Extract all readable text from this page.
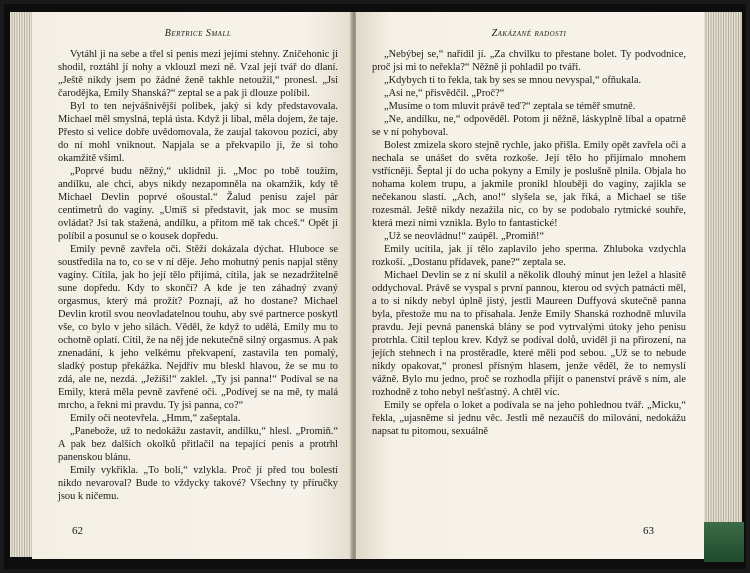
Bertrice Small

Vytáhl ji na sebe a třel si penis mezi jejími stehny. Zničehonic ji shodil, roztáhl jí nohy a vklouzl mezi ně. Vzal její tvář do dlaní. „Ještě nikdy jsem po žádné ženě takhle netoužil,“ pronesl. „Jsi čarodějka, Emily Shanská?“ zeptal se a pak ji dlouze políbil.

Byl to ten nejvášnivější polibek, jaký si kdy představovala. Michael měl smyslná, teplá ústa. Když ji líbal, měla dojem, že taje. Přesto si velice dobře uvědomovala, že zaujal takovou pozici, aby do ní mohl vniknout. Napjala se a překvapilo ji, že si toho okamžitě všiml.

„Poprvé budu něžný,“ uklidnil ji. „Moc po tobě toužím, andílku, ale chci, abys nikdy nezapomněla na okamžik, kdy tě Michael Devlin poprvé ošoustal.“ Žalud penisu zajel pár centimetrů do vagíny. „Umíš si představit, jak moc se musím ovládat? Jsi tak stažená, andílku, a přitom mě tak chceš.“ Opět ji políbil a posunul se o kousek dopředu.

Emily pevně zavřela oči. Stěží dokázala dýchat. Hluboce se soustředila na to, co se v ní děje. Jeho mohutný penis napjal stěny vagíny. Cítila, jak ho její tělo přijímá, cítila, jak se nezadržitelně sune dopředu. Kdy to skončí? A kde je ten záhadný zvaný orgasmus, který má prožít? Poznají, až ho dostane? Michael Devlin krotil svou neovladatelnou touhu, aby své partnerce poskytl vše, co bylo v jeho silách. Věděl, že když to udělá, Emily mu to ochotně oplatí. Cítil, že na něj jde nekutečně silný orgasmus. A pak znenadání, k jeho velkému překvapení, zastavila ten pomalý, sladký postup překážka. Nejdřív mu bleskl hlavou, že se mu to zdá, ale ne, nezdá. „Ježíši!“ zaklel. „Ty jsi panna!“ Podíval se na Emily, která měla pevně zavřené oči. „Podívej se na mě, ty malá mrcho, a řekni mi pravdu. Ty jsi panna, co?“

Emily oči neotevřela. „Hmm,“ zašeptala.

„Panebože, už to nedokážu zastavit, andílku,“ hlesl. „Promiň.“ A pak bez dalších okolků přitlačil na tepající penis a protrhl panenskou blánu.

Emily vykřikla. „To bolí,“ vzlykla. Proč jí před tou bolestí nikdo nevaroval? Bude to vždycky takové? Všechny ty příručky jsou k ničemu.

62
Zakázané radosti

„Nebýbej se,“ nařídil jí. „Za chvilku to přestane bolet. Ty podvodnice, proč jsi mi to neřekla?“ Něžně ji pohladil po tváři.

„Kdybych ti to řekla, tak by ses se mnou nevyspal,“ ofňukala.

„Asi ne,“ přisvědčil. „Proč?“

„Musíme o tom mluvit právě teď?“ zeptala se téměř smutně.

„Ne, andílku, ne,“ odpověděl. Potom ji něžně, láskyplně líbal a opatrně se v ní pohyboval.

Bolest zmizela skoro stejně rychle, jako přišla. Emily opět zavřela oči a nechala se unášet do světa rozkoše. Její tělo ho přijímalo mnohem vstřícněji. Šeptal jí do ucha pokyny a Emily je poslušně plnila. Objala ho nohama kolem trupu, a jakmile pronikl hlouběji do vagíny, zajikla se nečekanou slastí. „Ach, ano!“ slyšela se, jak říká, a Michael se tiše rozesmál. Ještě nikdy nezažila nic, co by se podobalo rytmické souhře, která mezi nimi vznikla. Bylo to fantastické!

„Už se neovládnu!“ zaúpěl. „Promiň!“

Emily ucítila, jak jí tělo zaplavilo jeho sperma. Zhluboka vzdychla rozkoší. „Dostanu přídavek, pane?“ zeptala se.

Michael Devlin se z ní skulil a několik dlouhý minut jen ležel a hlasitě oddychoval. Právě se vyspal s první pannou, kterou od svých patnácti měl, a to si nikdy nebyl úplně jistý, jestli Maureen Duffyová skutečně panna byla, přestože mu na to přísahala. Jenže Emily Shanská rozhodně mluvila pravdu. Její pevná panenská blány se pod vytrvalými útoky jeho penisu protrhla. Cítil teplou krev. Když se podíval dolů, uviděl ji na přirození, na jejích stehnech i na prostěradle, které měli pod sebou. „Už se to nebude nikdy opakovat,“ pronesl přísným hlasem, jenže věděl, že to nemyslí vážně. Bylo mu jedno, proč se rozhodla přijít o panenství právě s ním, ale rozhodně z toho nebyl nešťastný. A chtěl víc.

Emily se opřela o loket a podívala se na jeho pohlednou tvář. „Micku,“ řekla, „ujasněme si jednu věc. Jestli mě nezaučíš do milování, nedokážu napsat tu pitomou, sexuálně

63
